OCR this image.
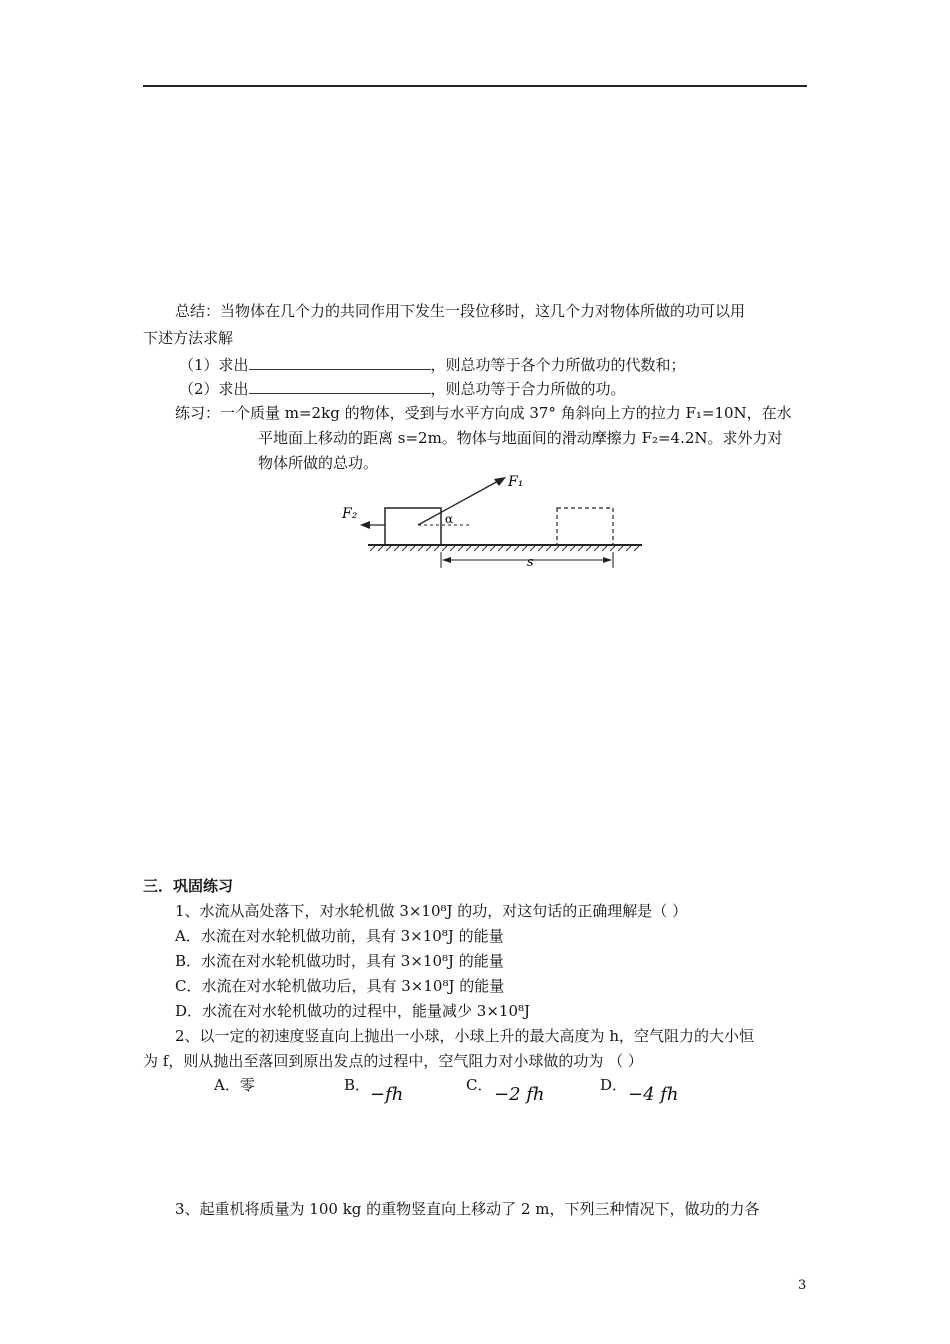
总结：当物体在几个力的共同作用下发生一段位移时，这几个力对物体所做的功可以用
下述方法求解
（1）求出	，则总功等于各个力所做功的代数和；
（2）求出	，则总功等于合力所做的功。
练习：一个质量 m=2kg 的物体，受到与水平方向成 37° 角斜向上方的拉力 F₁=10N，在水
平地面上移动的距离 s=2m。物体与地面间的滑动摩擦力 F₂=4.2N。求外力对
物体所做的总功。
F₁
F₂	α
s
三．巩固练习
1、水流从高处落下，对水轮机做 3×10⁸J 的功，对这句话的正确理解是（ ）
A．水流在对水轮机做功前，具有 3×10⁸J 的能量
B．水流在对水轮机做功时，具有 3×10⁸J 的能量
C．水流在对水轮机做功后，具有 3×10⁸J 的能量
D．水流在对水轮机做功的过程中，能量减少 3×10⁸J
2、以一定的初速度竖直向上抛出一小球，小球上升的最大高度为 h，空气阻力的大小恒
为 f，则从抛出至落回到原出发点的过程中，空气阻力对小球做的功为 （ ）
A．零	B． −fh	C． −2 fh	D． −4 fh
3、起重机将质量为 100 kg 的重物竖直向上移动了 2 m，下列三种情况下，做功的力各
3
